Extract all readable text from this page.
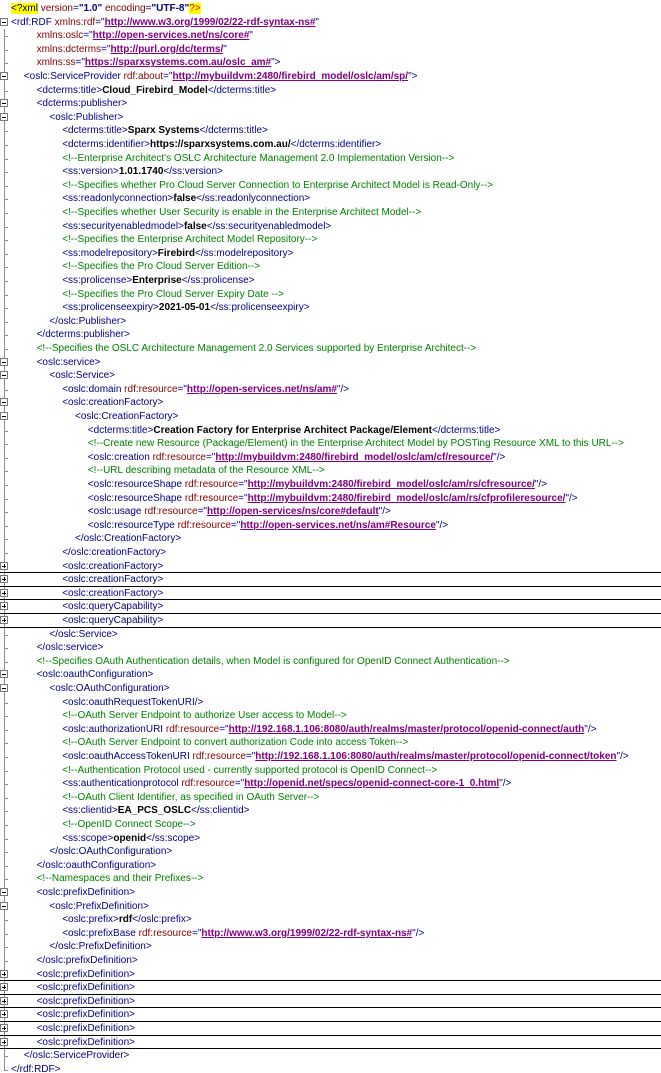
<?xml version="1.0" encoding="UTF-8"?>
<rdf:RDF xmlns:rdf="http://www.w3.org/1999/02/22-rdf-syntax-ns#"
xmlns:oslc="http://open-services.net/ns/core#"
xmlns:dcterms="http://purl.org/dc/terms/"
xmlns:ss="https://sparxsystems.com.au/oslc_am#">
<oslc:ServiceProvider rdf:about="http://mybuildvm:2480/firebird_model/oslc/am/sp/">
<dcterms:title>Cloud_Firebird_Model</dcterms:title>
<dcterms:publisher>
<oslc:Publisher>
<dcterms:title>Sparx Systems</dcterms:title>
<dcterms:identifier>https://sparxsystems.com.au/</dcterms:identifier>
<!--Enterprise Architect's OSLC Architecture Management 2.0 Implementation Version-->
<ss:version>1.01.1740</ss:version>
<!--Specifies whether Pro Cloud Server Connection to Enterprise Architect Model is Read-Only-->
<ss:readonlyconnection>false</ss:readonlyconnection>
<!--Specifies whether User Security is enable in the Enterprise Architect Model-->
<ss:securityenabledmodel>false</ss:securityenabledmodel>
<!--Specifies the Enterprise Architect Model Repository-->
<ss:modelrepository>Firebird</ss:modelrepository>
<!--Specifies the Pro Cloud Server Edition-->
<ss:prolicense>Enterprise</ss:prolicense>
<!--Specifies the Pro Cloud Server Expiry Date -->
<ss:prolicenseexpiry>2021-05-01</ss:prolicenseexpiry>
</oslc:Publisher>
</dcterms:publisher>
<!--Specifies the OSLC Architecture Management 2.0 Services supported by Enterprise Architect-->
<oslc:service>
<oslc:Service>
<oslc:domain rdf:resource="http://open-services.net/ns/am#"/>
<oslc:creationFactory>
<oslc:CreationFactory>
<dcterms:title>Creation Factory for Enterprise Architect Package/Element</dcterms:title>
<!--Create new Resource (Package/Element) in the Enterprise Architect Model by POSTing Resource XML to this URL-->
<oslc:creation rdf:resource="http://mybuildvm:2480/firebird_model/oslc/am/cf/resource/"/>
<!--URL describing metadata of the Resource XML-->
<oslc:resourceShape rdf:resource="http://mybuildvm:2480/firebird_model/oslc/am/rs/cfresource/"/>
<oslc:resourceShape rdf:resource="http://mybuildvm:2480/firebird_model/oslc/am/rs/cfprofileresource/"/>
<oslc:usage rdf:resource="http://open-services/ns/core#default"/>
<oslc:resourceType rdf:resource="http://open-services.net/ns/am#Resource"/>
</oslc:CreationFactory>
</oslc:creationFactory>
<oslc:creationFactory>
<oslc:creationFactory>
<oslc:creationFactory>
<oslc:queryCapability>
<oslc:queryCapability>
</oslc:Service>
</oslc:service>
<!--Specifies OAuth Authentication details, when Model is configured for OpenID Connect Authentication-->
<oslc:oauthConfiguration>
<oslc:OAuthConfiguration>
<oslc:oauthRequestTokenURI/>
<!--OAuth Server Endpoint to authorize User access to Model-->
<oslc:authorizationURI rdf:resource="http://192.168.1.106:8080/auth/realms/master/protocol/openid-connect/auth"/>
<!--OAuth Server Endpoint to convert authorization Code into access Token-->
<oslc:oauthAccessTokenURI rdf:resource="http://192.168.1.106:8080/auth/realms/master/protocol/openid-connect/token"/>
<!--Authentication Protocol used - currently supported protocol is OpenID Connect-->
<ss:authenticationprotocol rdf:resource="http://openid.net/specs/openid-connect-core-1_0.html"/>
<!--OAuth Client Identifier, as specified in OAuth Server-->
<ss:clientid>EA_PCS_OSLC</ss:clientid>
<!--OpenID Connect Scope-->
<ss:scope>openid</ss:scope>
</oslc:OAuthConfiguration>
</oslc:oauthConfiguration>
<!--Namespaces and their Prefixes-->
<oslc:prefixDefinition>
<oslc:PrefixDefinition>
<oslc:prefix>rdf</oslc:prefix>
<oslc:prefixBase rdf:resource="http://www.w3.org/1999/02/22-rdf-syntax-ns#"/>
</oslc:PrefixDefinition>
</oslc:prefixDefinition>
<oslc:prefixDefinition>
<oslc:prefixDefinition>
<oslc:prefixDefinition>
<oslc:prefixDefinition>
<oslc:prefixDefinition>
<oslc:prefixDefinition>
</oslc:ServiceProvider>
</rdf:RDF>
